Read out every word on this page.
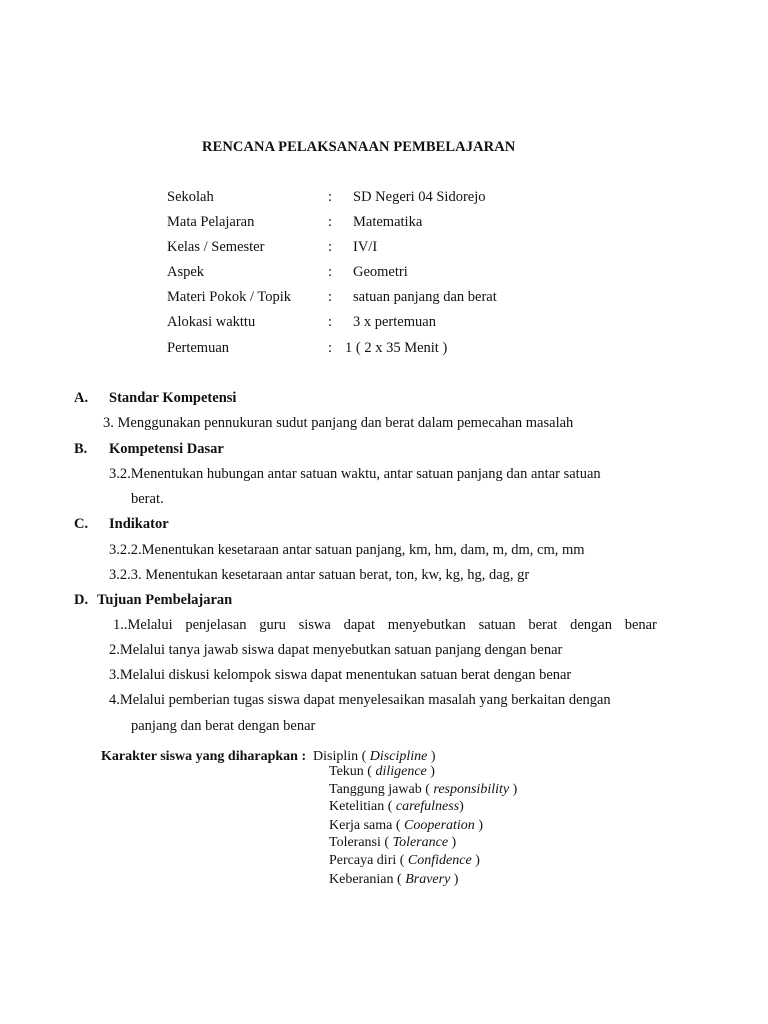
RENCANA PELAKSANAAN PEMBELAJARAN
Sekolah	: SD Negeri 04 Sidorejo
Mata Pelajaran	: Matematika
Kelas / Semester	: IV/I
Aspek	: Geometri
Materi Pokok / Topik	: satuan panjang dan berat
Alokasi wakttu	: 3 x pertemuan
Pertemuan	: 1 ( 2 x 35 Menit )
A. Standar Kompetensi
3. Menggunakan pennukuran sudut panjang dan berat dalam pemecahan masalah
B. Kompetensi Dasar
3.2.Menentukan hubungan antar satuan waktu, antar satuan panjang dan antar satuan
berat.
C. Indikator
3.2.2.Menentukan kesetaraan antar satuan panjang, km, hm, dam, m, dm, cm, mm
3.2.3. Menentukan kesetaraan antar satuan berat, ton, kw, kg, hg, dag, gr
D. Tujuan Pembelajaran
1..Melalui penjelasan guru siswa dapat menyebutkan satuan berat dengan benar
2.Melalui tanya jawab siswa dapat menyebutkan satuan panjang dengan benar
3.Melalui diskusi kelompok siswa dapat menentukan satuan berat dengan benar
4.Melalui pemberian tugas siswa dapat menyelesaikan masalah yang berkaitan dengan
panjang dan berat dengan benar
Karakter siswa yang diharapkan : Disiplin ( Discipline )
Tekun ( diligence )
Tanggung jawab ( responsibility )
Ketelitian ( carefulness)
Kerja sama ( Cooperation )
Toleransi ( Tolerance )
Percaya diri ( Confidence )
Keberanian ( Bravery )
